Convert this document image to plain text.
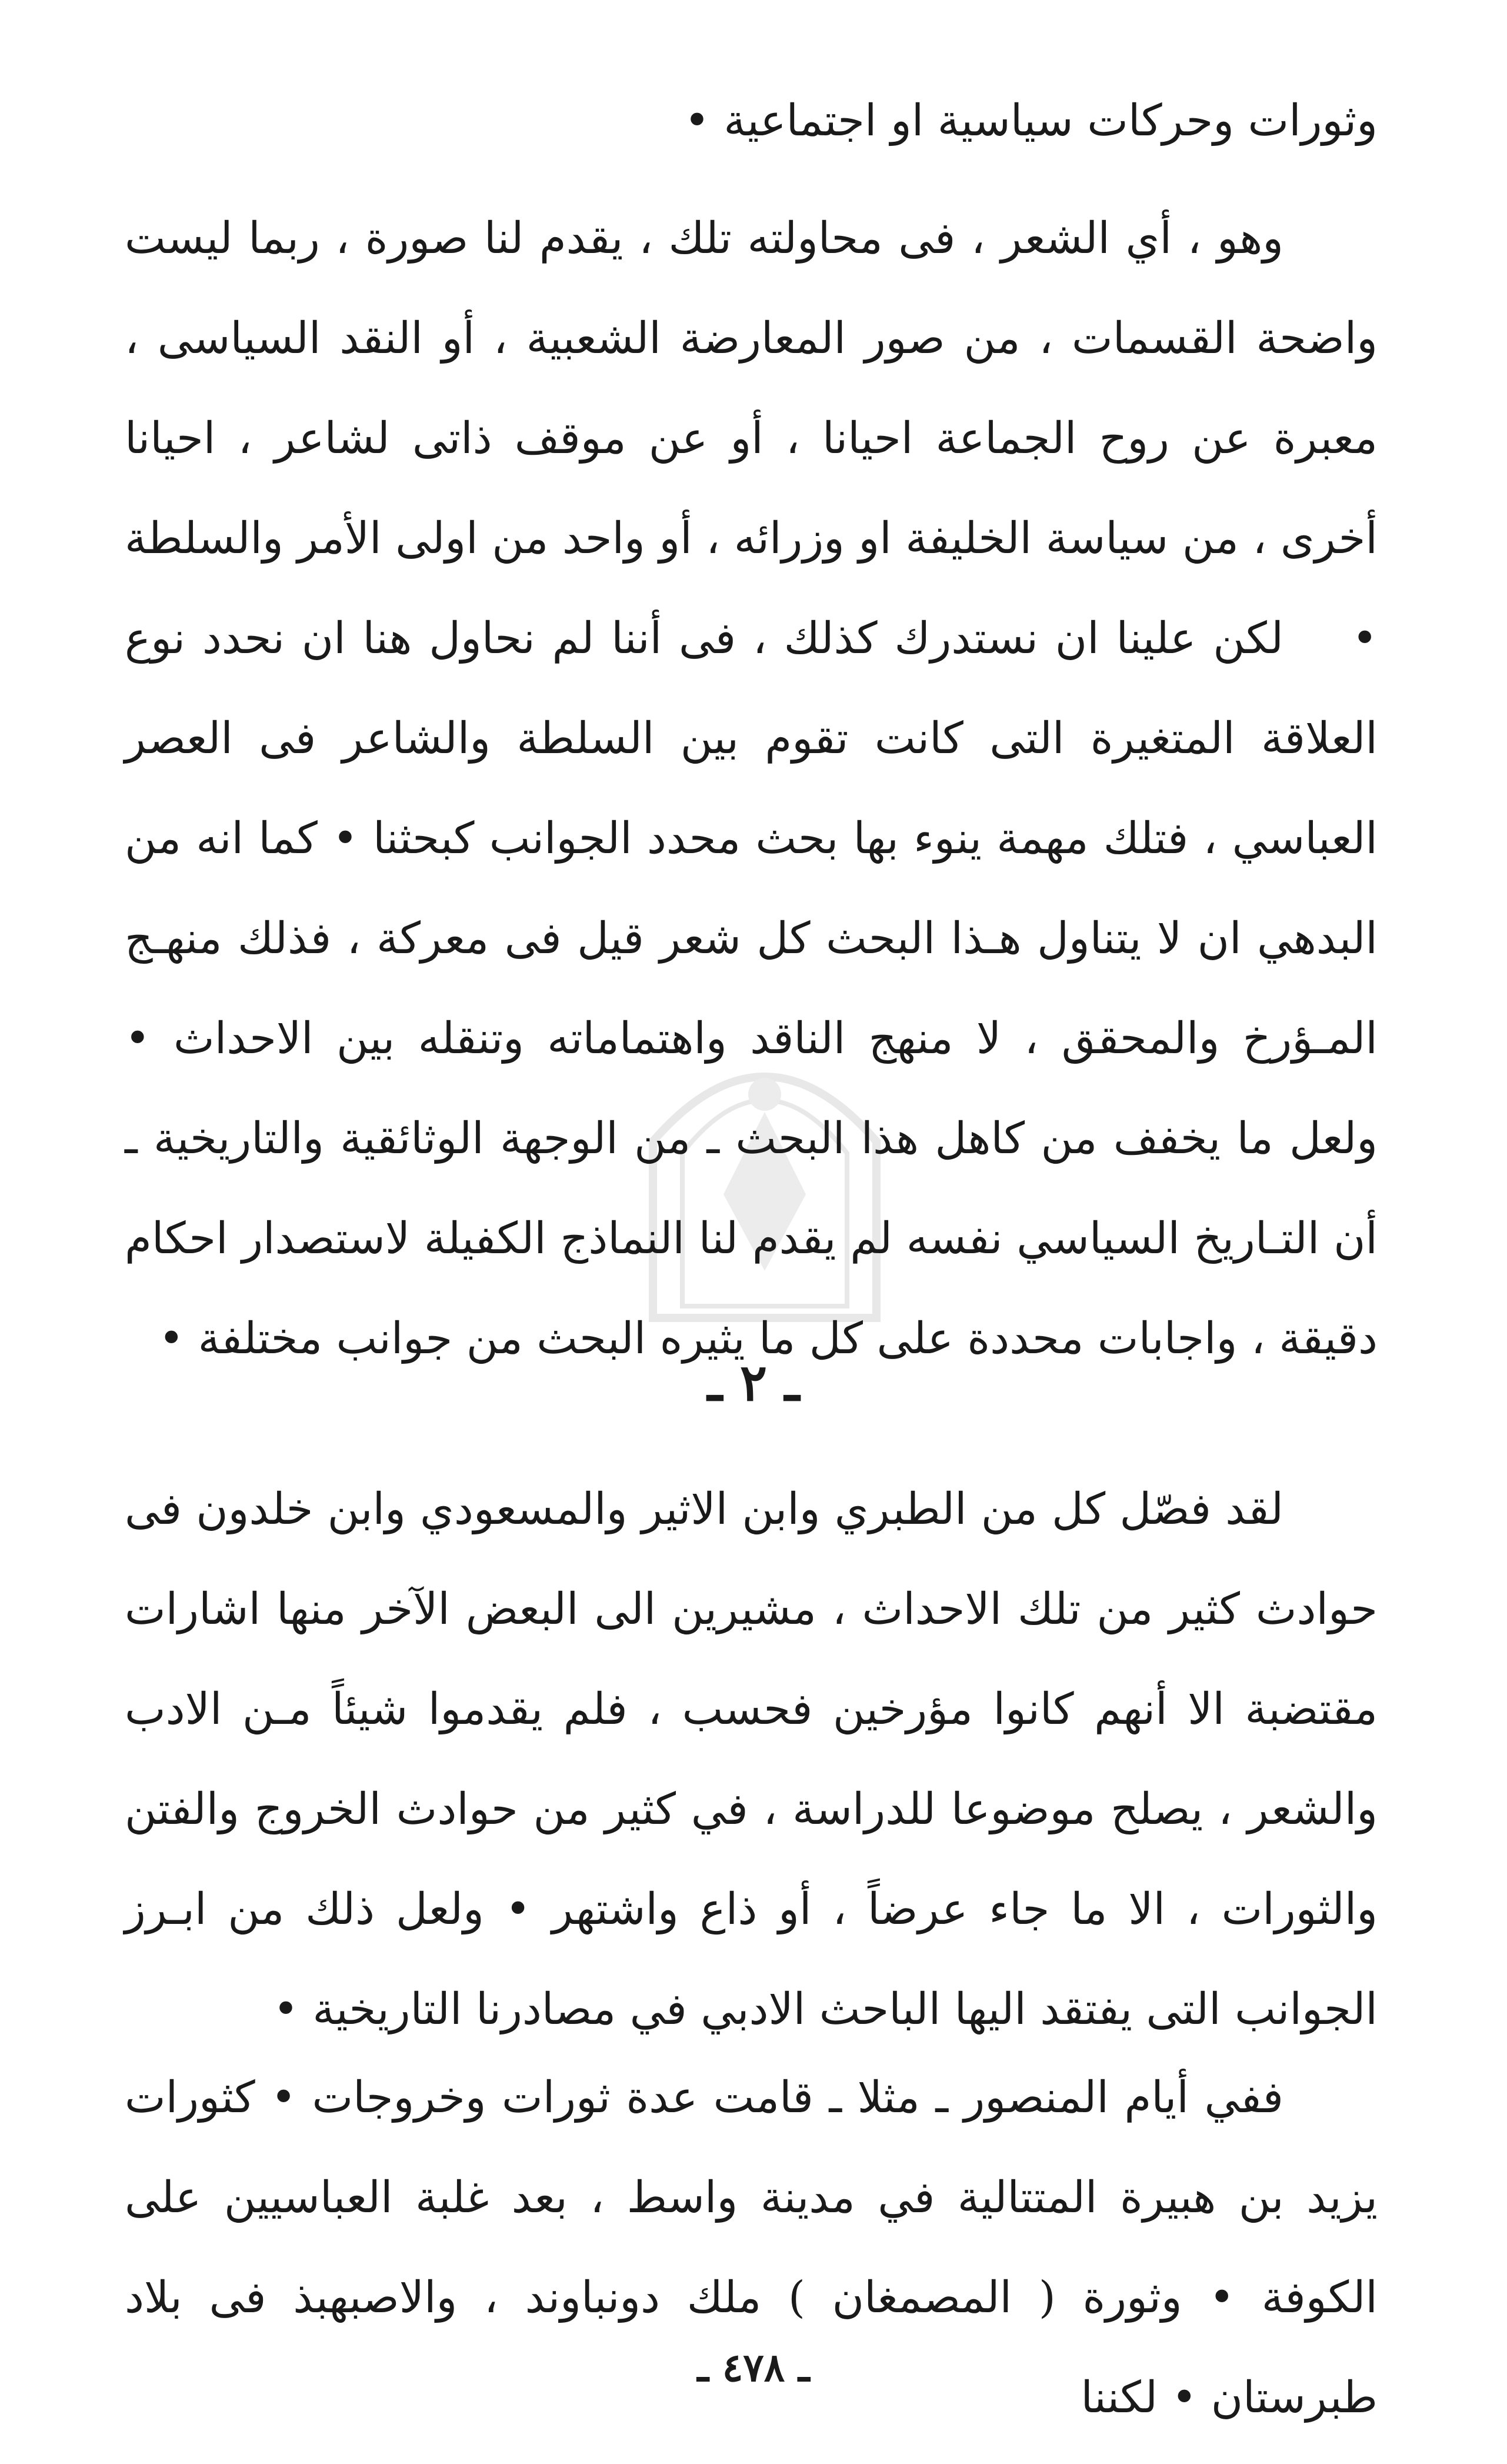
وثورات وحركات سياسية او اجتماعية •

وهو ، أي الشعر ، فى محاولته تلك ، يقدم لنا صورة ، ربما ليست واضحة القسمات ، من صور المعارضة الشعبية ، أو النقد السياسى ، معبرة عن روح الجماعة احيانا ، أو عن موقف ذاتى لشاعر ، احيانا أخرى ، من سياسة الخليفة او وزرائه ، أو واحد من اولى الأمر والسلطة •

لكن علينا ان نستدرك كذلك ، فى أننا لم نحاول هنا ان نحدد نوع العلاقة المتغيرة التى كانت تقوم بين السلطة والشاعر فى العصر العباسي ، فتلك مهمة ينوء بها بحث محدد الجوانب كبحثنا • كما انه من البدهي ان لا يتناول هـذا البحث كل شعر قيل فى معركة ، فذلك منهـج المـؤرخ والمحقق ، لا منهج الناقد واهتماماته وتنقله بين الاحداث • ولعل ما يخفف من كاهل هذا البحث ـ من الوجهة الوثائقية والتاريخية ـ أن التـاريخ السياسي نفسه لم يقدم لنا النماذج الكفيلة لاستصدار احكام دقيقة ، واجابات محددة على كل ما يثيره البحث من جوانب مختلفة •

ـ ٢ ـ

لقد فصّل كل من الطبري وابن الاثير والمسعودي وابن خلدون فى حوادث كثير من تلك الاحداث ، مشيرين الى البعض الآخر منها اشارات مقتضبة الا أنهم كانوا مؤرخين فحسب ، فلم يقدموا شيئاً مـن الادب والشعر ، يصلح موضوعا للدراسة ، في كثير من حوادث الخروج والفتن والثورات ، الا ما جاء عرضاً ، أو ذاع واشتهر • ولعل ذلك من ابـرز الجوانب التى يفتقد اليها الباحث الادبي في مصادرنا التاريخية •

ففي أيام المنصور ـ مثلا ـ قامت عدة ثورات وخروجات • كثورات يزيد بن هبيرة المتتالية في مدينة واسط ، بعد غلبة العباسيين على الكوفة • وثورة ( المصمغان ) ملك دونباوند ، والاصبهبذ فى بلاد طبرستان • لكننا

ـ ٤٧٨ ـ
